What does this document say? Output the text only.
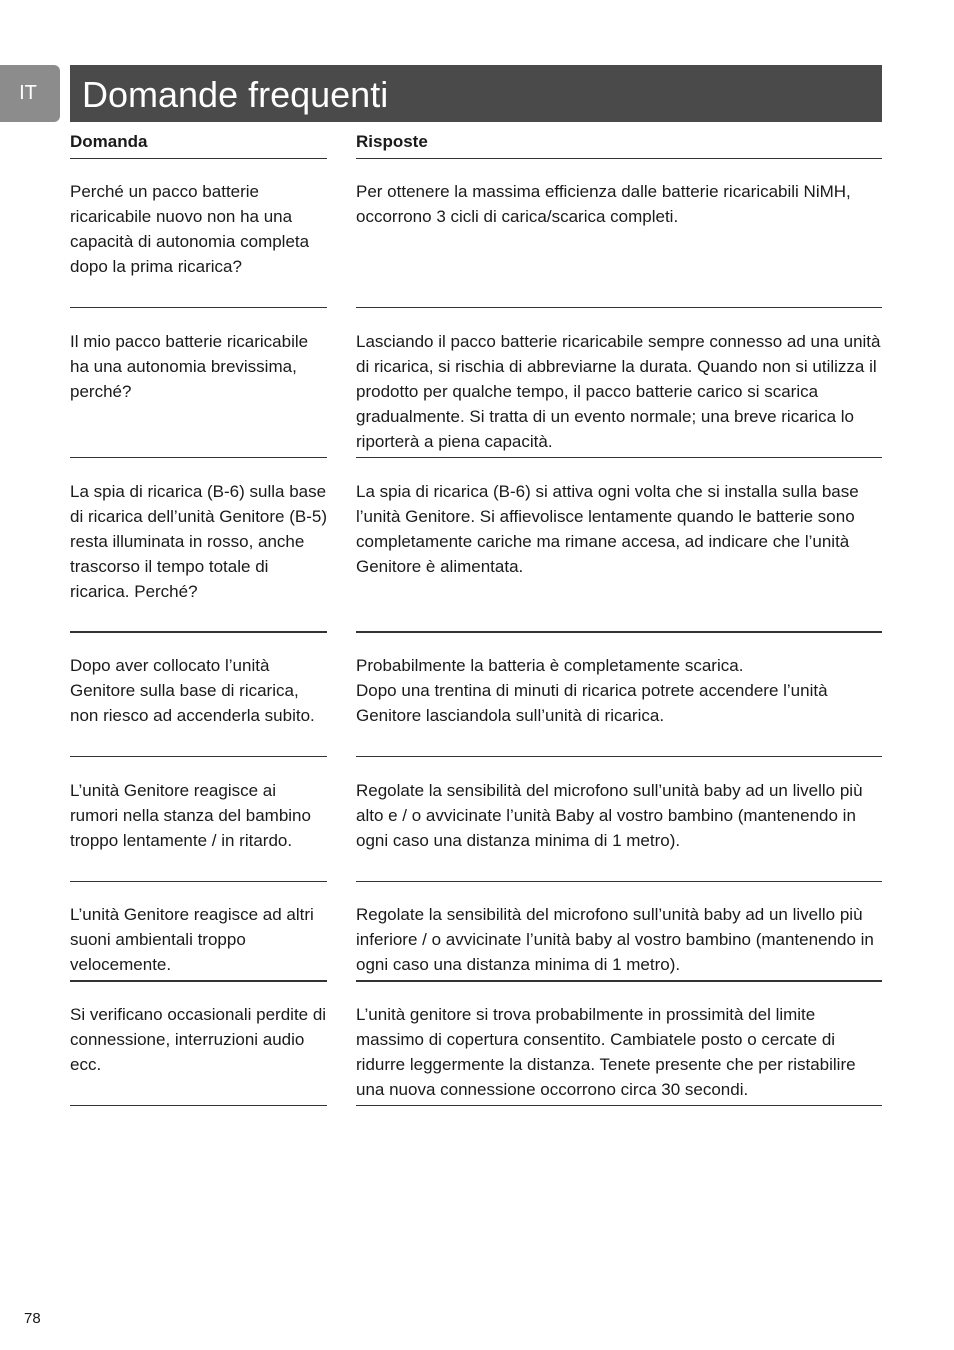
IT	Domande frequenti
Domanda	Risposte
Perché un pacco batterie ricaricabile nuovo non ha una capacità di autonomia completa dopo la prima ricarica?
Per ottenere la massima efficienza dalle batterie ricaricabili NiMH, occorrono 3 cicli di carica/scarica completi.
Il mio pacco batterie ricaricabile ha una autonomia brevissima, perché?
Lasciando il pacco batterie ricaricabile sempre connesso ad una unità di ricarica, si rischia di abbreviarne la durata. Quando non si utilizza il prodotto per qualche tempo, il pacco batterie carico si scarica gradualmente. Si tratta di un evento normale; una breve ricarica lo riporterà a piena capacità.
La spia di ricarica (B-6) sulla base di ricarica dell’unità Genitore (B-5) resta illuminata in rosso, anche trascorso il tempo totale di ricarica. Perché?
La spia di ricarica (B-6) si attiva ogni volta che si installa sulla base l’unità Genitore. Si affievolisce lentamente quando le batterie sono completamente cariche ma rimane accesa, ad indicare che l’unità Genitore è alimentata.
Dopo aver collocato l’unità Genitore sulla base di ricarica, non riesco ad accenderla subito.
Probabilmente la batteria è completamente scarica.
Dopo una trentina di minuti di ricarica potrete accendere l’unità Genitore lasciandola sull’unità di ricarica.
L’unità Genitore reagisce ai rumori nella stanza del bambino troppo lentamente / in ritardo.
Regolate la sensibilità del microfono sull’unità baby ad un livello più alto e / o avvicinate l’unità Baby al vostro bambino (mantenendo in ogni caso una distanza minima di 1 metro).
L’unità Genitore reagisce ad altri suoni ambientali troppo velocemente.
Regolate la sensibilità del microfono sull’unità baby ad un livello più inferiore / o avvicinate l’unità baby al vostro bambino (mantenendo in ogni caso una distanza minima di 1 metro).
Si verificano occasionali perdite di connessione, interruzioni audio ecc.
L’unità genitore si trova probabilmente in prossimità del limite massimo di copertura consentito. Cambiatele posto o cercate di ridurre leggermente la distanza. Tenete presente che per ristabilire una nuova connessione occorrono circa 30 secondi.
78
